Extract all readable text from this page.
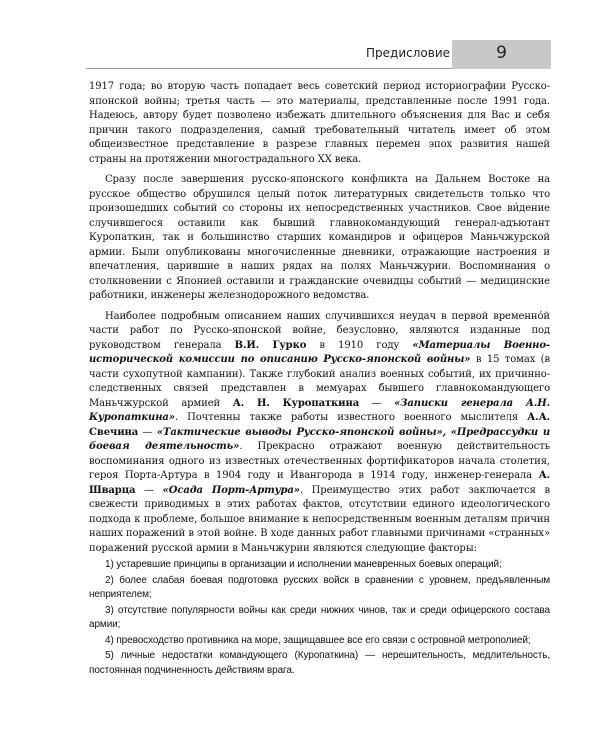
Предисловие	9

1917 года; во вторую часть попадает весь советский период историографии Русско-японской войны; третья часть — это материалы, представленные после 1991 года. Надеюсь, автору будет позволено избежать длительного объяснения для Вас и себя причин такого подразделения, самый требовательный читатель имеет об этом общеизвестное представление в разрезе главных перемен эпох развития нашей страны на протяжении многострадального XX века.

Сразу после завершения русско-японского конфликта на Дальнем Востоке на русское общество обрушился целый поток литературных свидетельств только что произошедших событий со стороны их непосредственных участников. Свое ви́дение случившегося оставили как бывший главнокомандующий генерал-адъютант Куропаткин, так и большинство старших командиров и офицеров Маньчжурской армии. Были опубликованы многочисленные дневники, отражающие настроения и впечатления, царившие в наших рядах на полях Маньчжурии. Воспоминания о столкновении с Японией оставили и гражданские очевидцы событий — медицинские работники, инженеры железнодорожного ведомства.

Наиболее подробным описанием наших случившихся неудач в первой временно́й части работ по Русско-японской войне, безусловно, являются изданные под руководством генерала В.И. Гурко в 1910 году «Материалы Военно-исторической комиссии по описанию Русско-японской войны» в 15 томах (в части сухопутной кампании). Также глубокий анализ военных событий, их причинно-следственных связей представлен в мемуарах бывшего главнокомандующего Маньчжурской армией А. Н. Куропаткина — «Записки генерала А.Н. Куропаткина». Почтенны также работы известного военного мыслителя А.А. Свечина — «Тактические выводы Русско-японской войны», «Предрассудки и боевая деятельность». Прекрасно отражают военную действительность воспоминания одного из известных отечественных фортификаторов начала столетия, героя Порта-Артура в 1904 году и Ивангорода в 1914 году, инженер-генерала А. Шварца — «Осада Порт-Артура». Преимущество этих работ заключается в свежести приводимых в этих работах фактов, отсутствии единого идеологического подхода к проблеме, большое внимание к непосредственным военным деталям причин наших поражений в этой войне. В ходе данных работ главными причинами «странных» поражений русской армии в Маньчжурии являются следующие факторы:

1) устаревшие принципы в организации и исполнении маневренных боевых операций;
2) более слабая боевая подготовка русских войск в сравнении с уровнем, предъявленным неприятелем;
3) отсутствие популярности войны как среди нижних чинов, так и среди офицерского состава армии;
4) превосходство противника на море, защищавшее все его связи с островной метрополией;
5) личные недостатки командующего (Куропаткина) — нерешительность, медлительность, постоянная подчиненность действиям врага.
